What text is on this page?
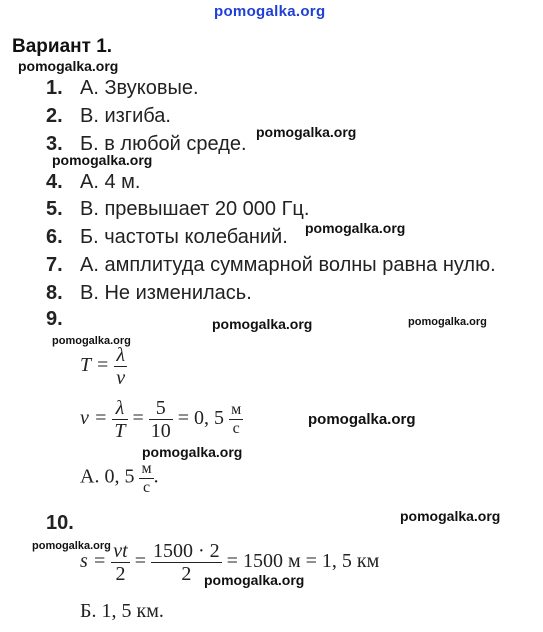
pomogalka.org
pomogalka.org
pomogalka.org
pomogalka.org
pomogalka.org
pomogalka.org	pomogalka.org
pomogalka.org
pomogalka.org
pomogalka.org
pomogalka.org
pomogalka.org
pomogalka.org
Вариант 1.
1. А. Звуковые.
2. В. изгиба.
3. Б. в любой среде.
4. А. 4 м.
5. В. превышает 20 000 Гц.
6. Б. частоты колебаний.
7. А. амплитуда суммарной волны равна нулю.
8. В. Не изменилась.
9.
$T = \frac{\lambda}{v}$
$v = \frac{\lambda}{T} = \frac{5}{10} = 0$, $5 \frac{м}{с}$
А. 0, $5 \frac{м}{с}$ .
10.
$s = \frac{vt}{2} = \frac{1500 \cdot 2}{2} = 1500$ м = 1, 5 км
Б. 1, 5 км.
